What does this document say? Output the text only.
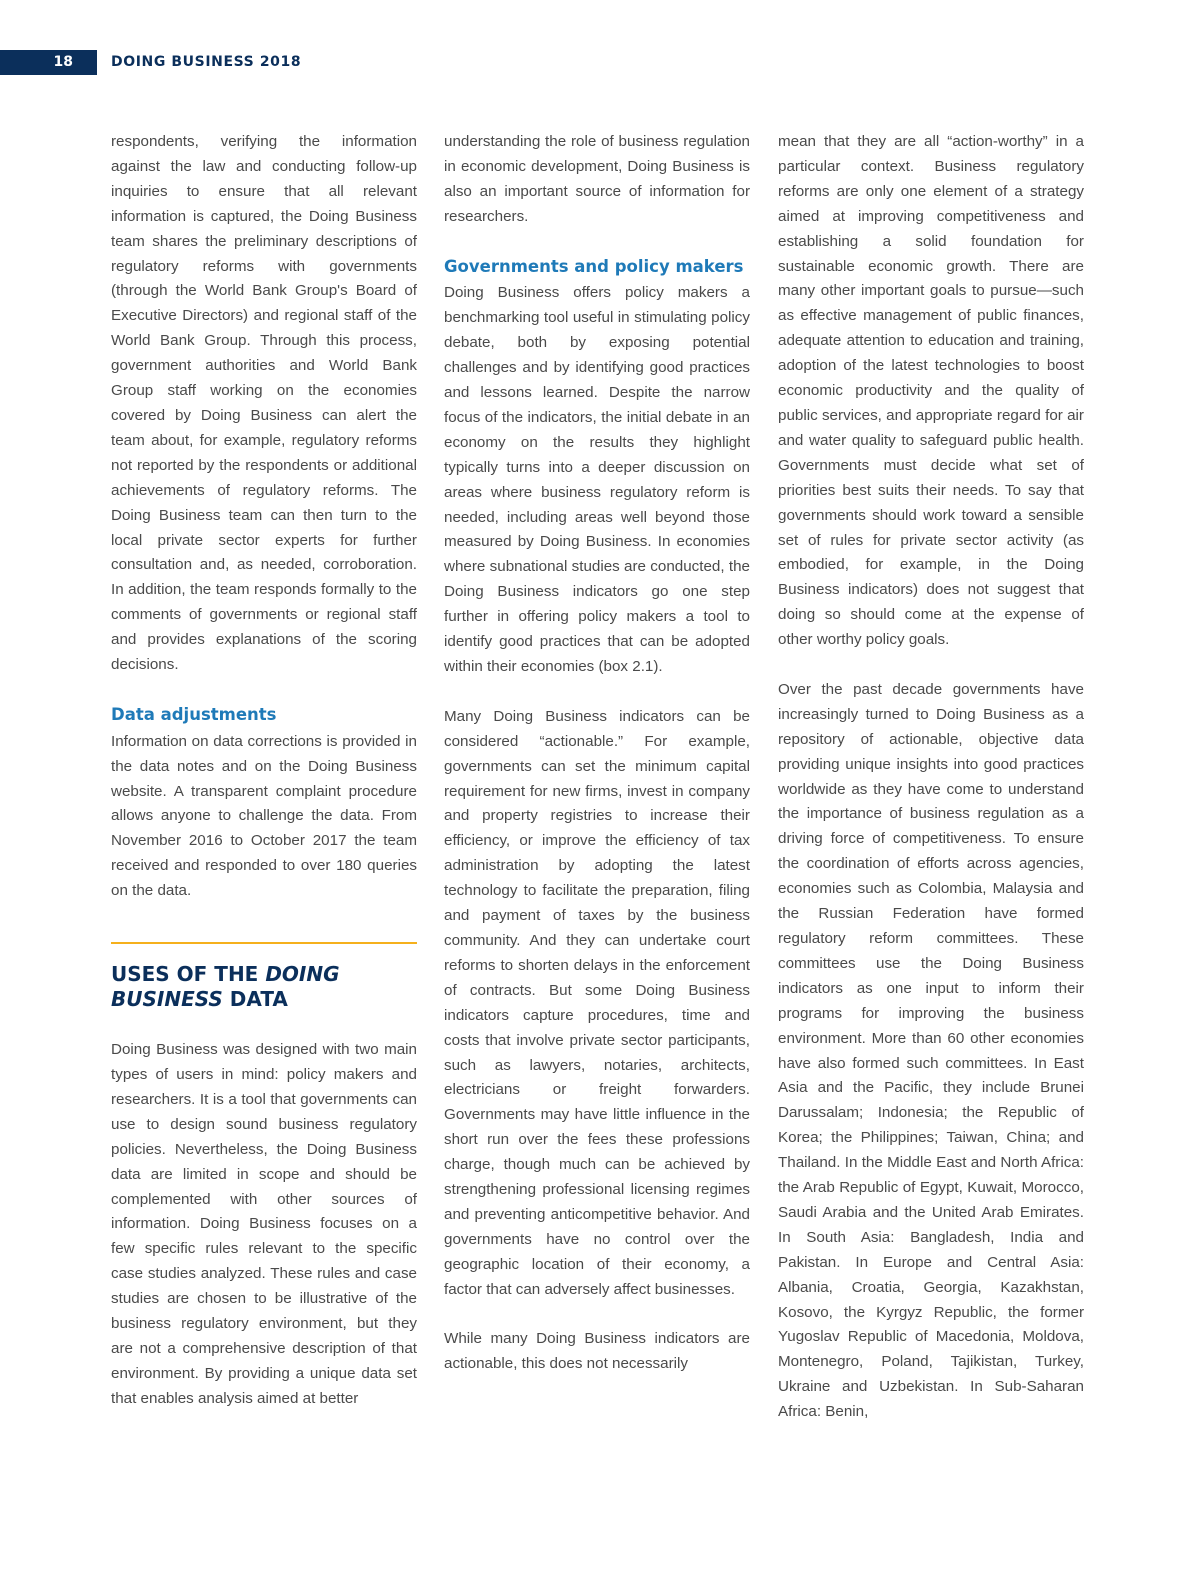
18	DOING BUSINESS 2018

respondents, verifying the information against the law and conducting follow-up inquiries to ensure that all relevant information is captured, the Doing Business team shares the preliminary descriptions of regulatory reforms with governments (through the World Bank Group's Board of Executive Directors) and regional staff of the World Bank Group. Through this process, government authorities and World Bank Group staff working on the economies covered by Doing Business can alert the team about, for example, regulatory reforms not reported by the respondents or additional achievements of regulatory reforms. The Doing Business team can then turn to the local private sector experts for further consultation and, as needed, corroboration. In addition, the team responds formally to the comments of governments or regional staff and provides explanations of the scoring decisions.

Data adjustments

Information on data corrections is provided in the data notes and on the Doing Business website. A transparent complaint procedure allows anyone to challenge the data. From November 2016 to October 2017 the team received and responded to over 180 queries on the data.

USES OF THE DOING BUSINESS DATA

Doing Business was designed with two main types of users in mind: policy makers and researchers. It is a tool that governments can use to design sound business regulatory policies. Nevertheless, the Doing Business data are limited in scope and should be complemented with other sources of information. Doing Business focuses on a few specific rules relevant to the specific case studies analyzed. These rules and case studies are chosen to be illustrative of the business regulatory environment, but they are not a comprehensive description of that environment. By providing a unique data set that enables analysis aimed at better

understanding the role of business regulation in economic development, Doing Business is also an important source of information for researchers.

Governments and policy makers

Doing Business offers policy makers a benchmarking tool useful in stimulating policy debate, both by exposing potential challenges and by identifying good practices and lessons learned. Despite the narrow focus of the indicators, the initial debate in an economy on the results they highlight typically turns into a deeper discussion on areas where business regulatory reform is needed, including areas well beyond those measured by Doing Business. In economies where subnational studies are conducted, the Doing Business indicators go one step further in offering policy makers a tool to identify good practices that can be adopted within their economies (box 2.1).

Many Doing Business indicators can be considered “actionable.” For example, governments can set the minimum capital requirement for new firms, invest in company and property registries to increase their efficiency, or improve the efficiency of tax administration by adopting the latest technology to facilitate the preparation, filing and payment of taxes by the business community. And they can undertake court reforms to shorten delays in the enforcement of contracts. But some Doing Business indicators capture procedures, time and costs that involve private sector participants, such as lawyers, notaries, architects, electricians or freight forwarders. Governments may have little influence in the short run over the fees these professions charge, though much can be achieved by strengthening professional licensing regimes and preventing anticompetitive behavior. And governments have no control over the geographic location of their economy, a factor that can adversely affect businesses.

While many Doing Business indicators are actionable, this does not necessarily

mean that they are all “action-worthy” in a particular context. Business regulatory reforms are only one element of a strategy aimed at improving competitiveness and establishing a solid foundation for sustainable economic growth. There are many other important goals to pursue—such as effective management of public finances, adequate attention to education and training, adoption of the latest technologies to boost economic productivity and the quality of public services, and appropriate regard for air and water quality to safeguard public health. Governments must decide what set of priorities best suits their needs. To say that governments should work toward a sensible set of rules for private sector activity (as embodied, for example, in the Doing Business indicators) does not suggest that doing so should come at the expense of other worthy policy goals.

Over the past decade governments have increasingly turned to Doing Business as a repository of actionable, objective data providing unique insights into good practices worldwide as they have come to understand the importance of business regulation as a driving force of competitiveness. To ensure the coordination of efforts across agencies, economies such as Colombia, Malaysia and the Russian Federation have formed regulatory reform committees. These committees use the Doing Business indicators as one input to inform their programs for improving the business environment. More than 60 other economies have also formed such committees. In East Asia and the Pacific, they include Brunei Darussalam; Indonesia; the Republic of Korea; the Philippines; Taiwan, China; and Thailand. In the Middle East and North Africa: the Arab Republic of Egypt, Kuwait, Morocco, Saudi Arabia and the United Arab Emirates. In South Asia: Bangladesh, India and Pakistan. In Europe and Central Asia: Albania, Croatia, Georgia, Kazakhstan, Kosovo, the Kyrgyz Republic, the former Yugoslav Republic of Macedonia, Moldova, Montenegro, Poland, Tajikistan, Turkey, Ukraine and Uzbekistan. In Sub-Saharan Africa: Benin,
